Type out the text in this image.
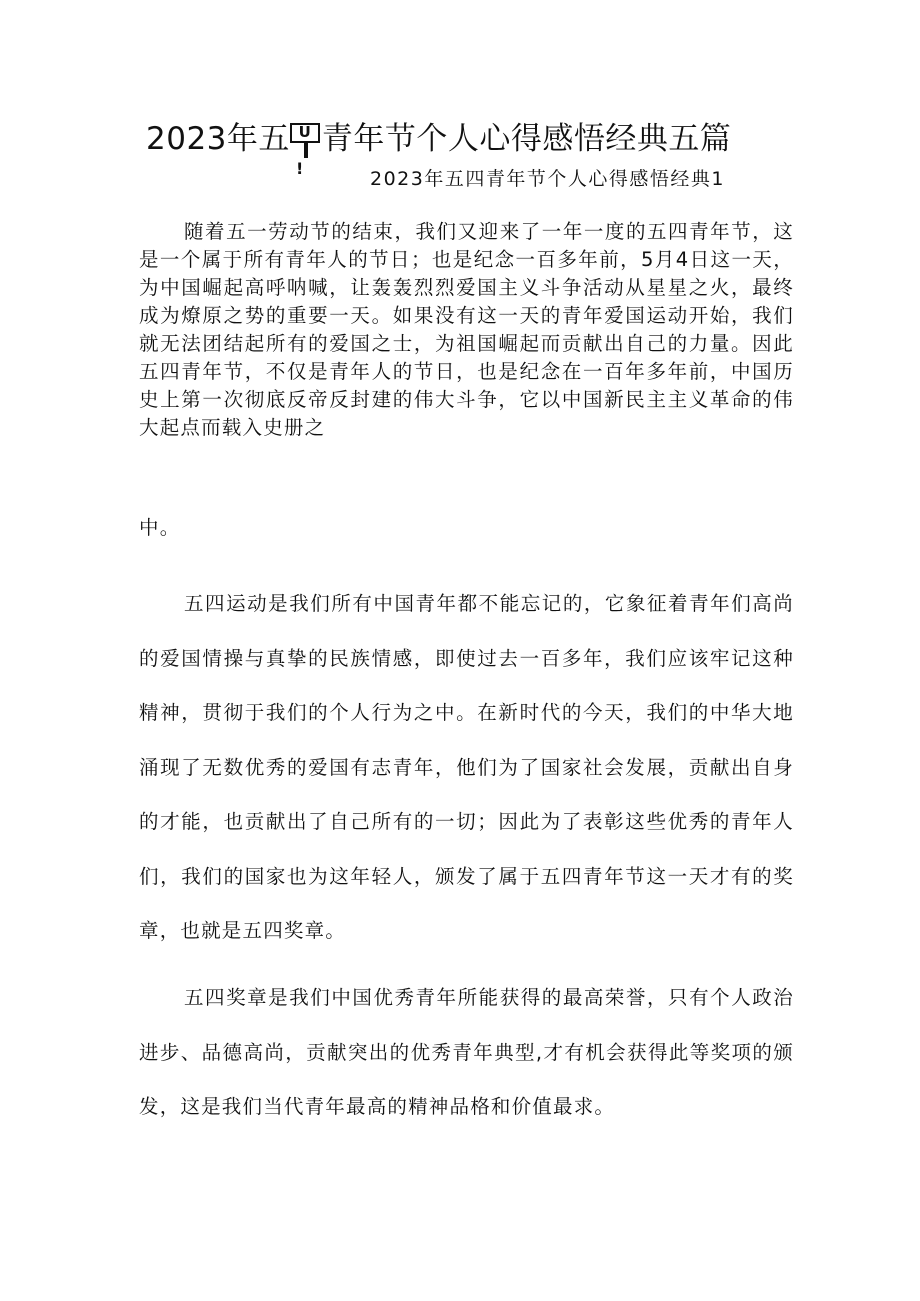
2023年五 U 青年节个人心得感悟经典五篇
!	2023年五四青年节个人心得感悟经典1

随着五一劳动节的结束，我们又迎来了一年一度的五四青年节，这是一个属于所有青年人的节日；也是纪念一百多年前，5月4日这一天，为中国崛起高呼呐喊，让轰轰烈烈爱国主义斗争活动从星星之火，最终成为燎原之势的重要一天。如果没有这一天的青年爱国运动开始，我们就无法团结起所有的爱国之士，为祖国崛起而贡献出自己的力量。因此五四青年节，不仅是青年人的节日，也是纪念在一百年多年前，中国历史上第一次彻底反帝反封建的伟大斗争，它以中国新民主主义革命的伟大起点而载入史册之

中。

五四运动是我们所有中国青年都不能忘记的，它象征着青年们高尚的爱国情操与真挚的民族情感，即使过去一百多年，我们应该牢记这种精神，贯彻于我们的个人行为之中。在新时代的今天，我们的中华大地涌现了无数优秀的爱国有志青年，他们为了国家社会发展，贡献出自身的才能，也贡献出了自己所有的一切；因此为了表彰这些优秀的青年人们，我们的国家也为这年轻人，颁发了属于五四青年节这一天才有的奖章，也就是五四奖章。

五四奖章是我们中国优秀青年所能获得的最高荣誉，只有个人政治进步、品德高尚，贡献突出的优秀青年典型,才有机会获得此等奖项的颁发，这是我们当代青年最高的精神品格和价值最求。
